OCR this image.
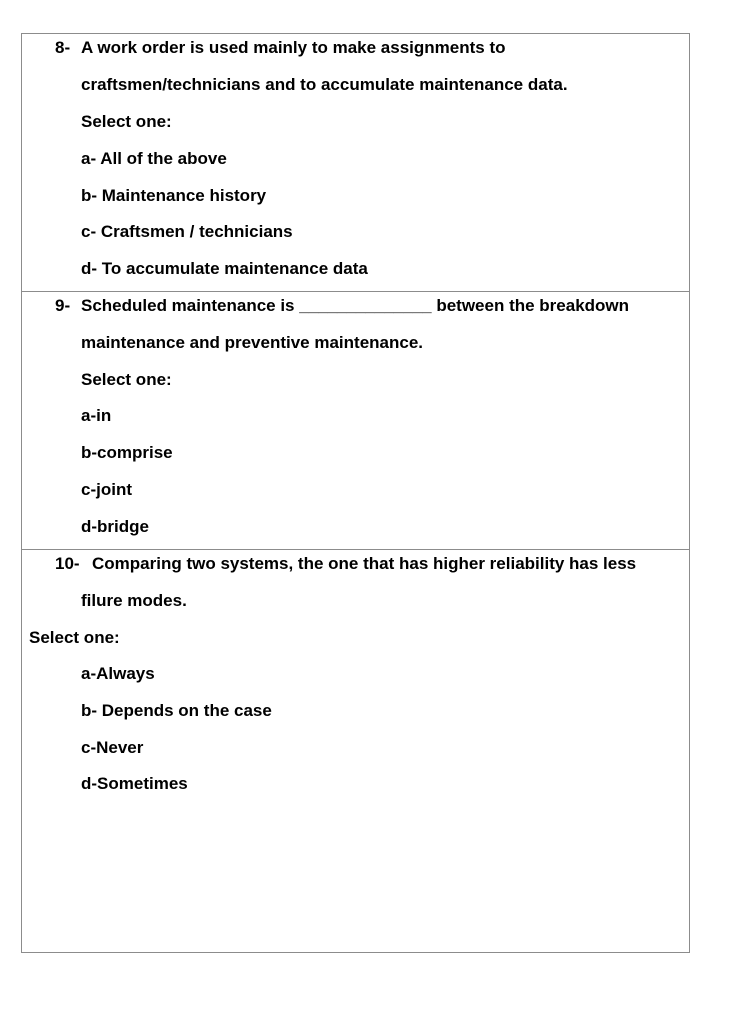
8- A work order is used mainly to make assignments to
craftsmen/technicians and to accumulate maintenance data.
Select one:
a- All of the above
b- Maintenance history
c- Craftsmen / technicians
d- To accumulate maintenance data
9- Scheduled maintenance is ______________ between the breakdown
maintenance and preventive maintenance.
Select one:
a-in
b-comprise
c-joint
d-bridge
10- Comparing two systems, the one that has higher reliability has less
filure modes.
Select one:
a-Always
b- Depends on the case
c-Never
d-Sometimes
